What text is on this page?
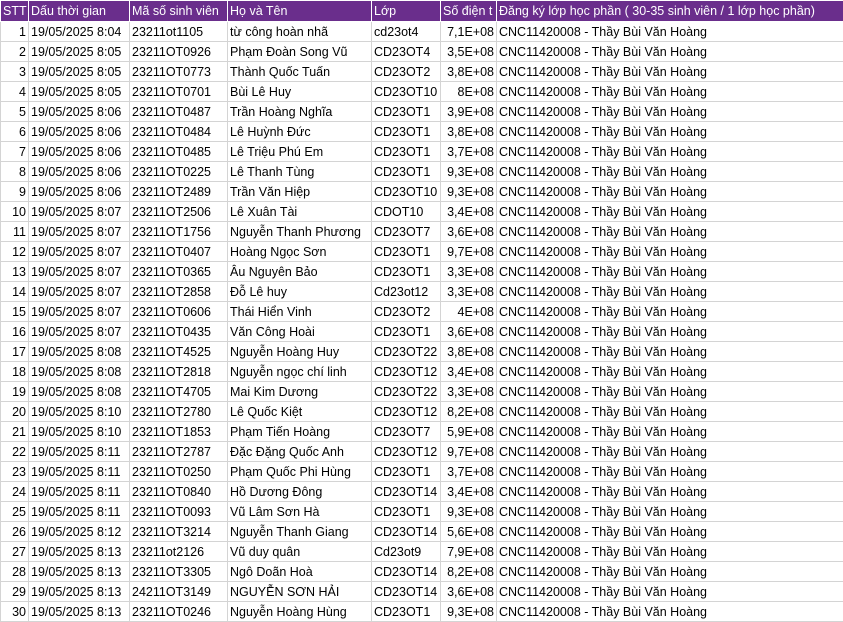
STT	Dấu thời gian	Mã số sinh viên	Họ và Tên	Lớp	Số điện t	Đăng ký lớp học phần ( 30-35 sinh viên / 1 lớp học phần)
1	19/05/2025 8:04	23211ot1105	từ công hoàn nhã	cd23ot4	7,1E+08	CNC11420008 - Thầy Bùi Văn Hoàng
2	19/05/2025 8:05	23211OT0926	Phạm Đoàn Song Vũ	CD23OT4	3,5E+08	CNC11420008 - Thầy Bùi Văn Hoàng
3	19/05/2025 8:05	23211OT0773	Thành Quốc Tuấn	CD23OT2	3,8E+08	CNC11420008 - Thầy Bùi Văn Hoàng
4	19/05/2025 8:05	23211OT0701	Bùi Lê Huy	CD23OT10	8E+08	CNC11420008 - Thầy Bùi Văn Hoàng
5	19/05/2025 8:06	23211OT0487	Trần Hoàng Nghĩa	CD23OT1	3,9E+08	CNC11420008 - Thầy Bùi Văn Hoàng
6	19/05/2025 8:06	23211OT0484	Lê Huỳnh Đức	CD23OT1	3,8E+08	CNC11420008 - Thầy Bùi Văn Hoàng
7	19/05/2025 8:06	23211OT0485	Lê Triệu Phú Em	CD23OT1	3,7E+08	CNC11420008 - Thầy Bùi Văn Hoàng
8	19/05/2025 8:06	23211OT0225	Lê Thanh Tùng	CD23OT1	9,3E+08	CNC11420008 - Thầy Bùi Văn Hoàng
9	19/05/2025 8:06	23211OT2489	Trần Văn Hiệp	CD23OT10	9,3E+08	CNC11420008 - Thầy Bùi Văn Hoàng
10	19/05/2025 8:07	23211OT2506	Lê Xuân Tài	CDOT10	3,4E+08	CNC11420008 - Thầy Bùi Văn Hoàng
11	19/05/2025 8:07	23211OT1756	Nguyễn Thanh Phương	CD23OT7	3,6E+08	CNC11420008 - Thầy Bùi Văn Hoàng
12	19/05/2025 8:07	23211OT0407	Hoàng Ngọc Sơn	CD23OT1	9,7E+08	CNC11420008 - Thầy Bùi Văn Hoàng
13	19/05/2025 8:07	23211OT0365	Âu Nguyên Bảo	CD23OT1	3,3E+08	CNC11420008 - Thầy Bùi Văn Hoàng
14	19/05/2025 8:07	23211OT2858	Đỗ Lê huy	Cd23ot12	3,3E+08	CNC11420008 - Thầy Bùi Văn Hoàng
15	19/05/2025 8:07	23211OT0606	Thái Hiển Vinh	CD23OT2	4E+08	CNC11420008 - Thầy Bùi Văn Hoàng
16	19/05/2025 8:07	23211OT0435	Văn Công Hoài	CD23OT1	3,6E+08	CNC11420008 - Thầy Bùi Văn Hoàng
17	19/05/2025 8:08	23211OT4525	Nguyễn Hoàng Huy	CD23OT22	3,8E+08	CNC11420008 - Thầy Bùi Văn Hoàng
18	19/05/2025 8:08	23211OT2818	Nguyễn ngọc chí linh	CD23OT12	3,4E+08	CNC11420008 - Thầy Bùi Văn Hoàng
19	19/05/2025 8:08	23211OT4705	Mai Kim Dương	CD23OT22	3,3E+08	CNC11420008 - Thầy Bùi Văn Hoàng
20	19/05/2025 8:10	23211OT2780	Lê Quốc Kiệt	CD23OT12	8,2E+08	CNC11420008 - Thầy Bùi Văn Hoàng
21	19/05/2025 8:10	23211OT1853	Phạm Tiến Hoàng	CD23OT7	5,9E+08	CNC11420008 - Thầy Bùi Văn Hoàng
22	19/05/2025 8:11	23211OT2787	Đặc Đặng Quốc Anh	CD23OT12	9,7E+08	CNC11420008 - Thầy Bùi Văn Hoàng
23	19/05/2025 8:11	23211OT0250	Phạm Quốc Phi Hùng	CD23OT1	3,7E+08	CNC11420008 - Thầy Bùi Văn Hoàng
24	19/05/2025 8:11	23211OT0840	Hồ Dương Đông	CD23OT14	3,4E+08	CNC11420008 - Thầy Bùi Văn Hoàng
25	19/05/2025 8:11	23211OT0093	Vũ Lâm Sơn Hà	CD23OT1	9,3E+08	CNC11420008 - Thầy Bùi Văn Hoàng
26	19/05/2025 8:12	23211OT3214	Nguyễn Thanh Giang	CD23OT14	5,6E+08	CNC11420008 - Thầy Bùi Văn Hoàng
27	19/05/2025 8:13	23211ot2126	Vũ duy quân	Cd23ot9	7,9E+08	CNC11420008 - Thầy Bùi Văn Hoàng
28	19/05/2025 8:13	23211OT3305	Ngô Doãn Hoà	CD23OT14	8,2E+08	CNC11420008 - Thầy Bùi Văn Hoàng
29	19/05/2025 8:13	24211OT3149	NGUYỄN SƠN HẢI	CD23OT14	3,6E+08	CNC11420008 - Thầy Bùi Văn Hoàng
30	19/05/2025 8:13	23211OT0246	Nguyễn Hoàng Hùng	CD23OT1	9,3E+08	CNC11420008 - Thầy Bùi Văn Hoàng
